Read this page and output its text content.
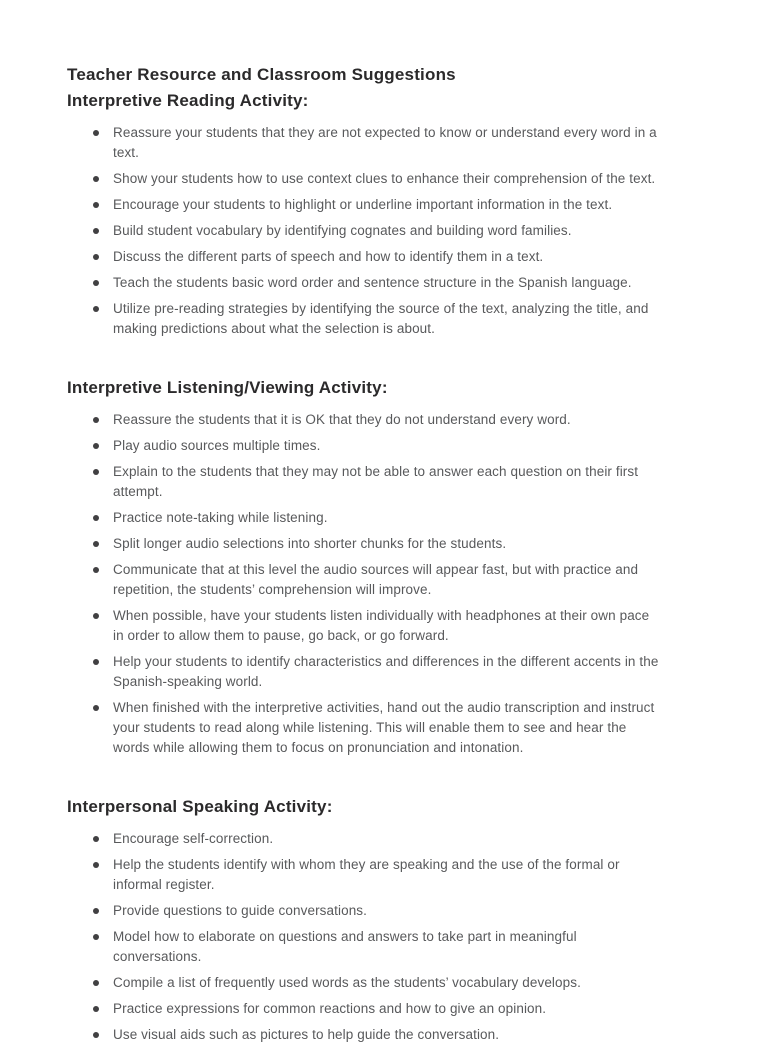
Teacher Resource and Classroom Suggestions
Interpretive Reading Activity:
Reassure your students that they are not expected to know or understand every word in a text.
Show your students how to use context clues to enhance their comprehension of the text.
Encourage your students to highlight or underline important information in the text.
Build student vocabulary by identifying cognates and building word families.
Discuss the different parts of speech and how to identify them in a text.
Teach the students basic word order and sentence structure in the Spanish language.
Utilize pre-reading strategies by identifying the source of the text, analyzing the title, and making predictions about what the selection is about.
Interpretive Listening/Viewing Activity:
Reassure the students that it is OK that they do not understand every word.
Play audio sources multiple times.
Explain to the students that they may not be able to answer each question on their first attempt.
Practice note-taking while listening.
Split longer audio selections into shorter chunks for the students.
Communicate that at this level the audio sources will appear fast, but with practice and repetition, the students’ comprehension will improve.
When possible, have your students listen individually with headphones at their own pace in order to allow them to pause, go back, or go forward.
Help your students to identify characteristics and differences in the different accents in the Spanish-speaking world.
When finished with the interpretive activities, hand out the audio transcription and instruct your students to read along while listening. This will enable them to see and hear the words while allowing them to focus on pronunciation and intonation.
Interpersonal Speaking Activity:
Encourage self-correction.
Help the students identify with whom they are speaking and the use of the formal or informal register.
Provide questions to guide conversations.
Model how to elaborate on questions and answers to take part in meaningful conversations.
Compile a list of frequently used words as the students’ vocabulary develops.
Practice expressions for common reactions and how to give an opinion.
Use visual aids such as pictures to help guide the conversation.
